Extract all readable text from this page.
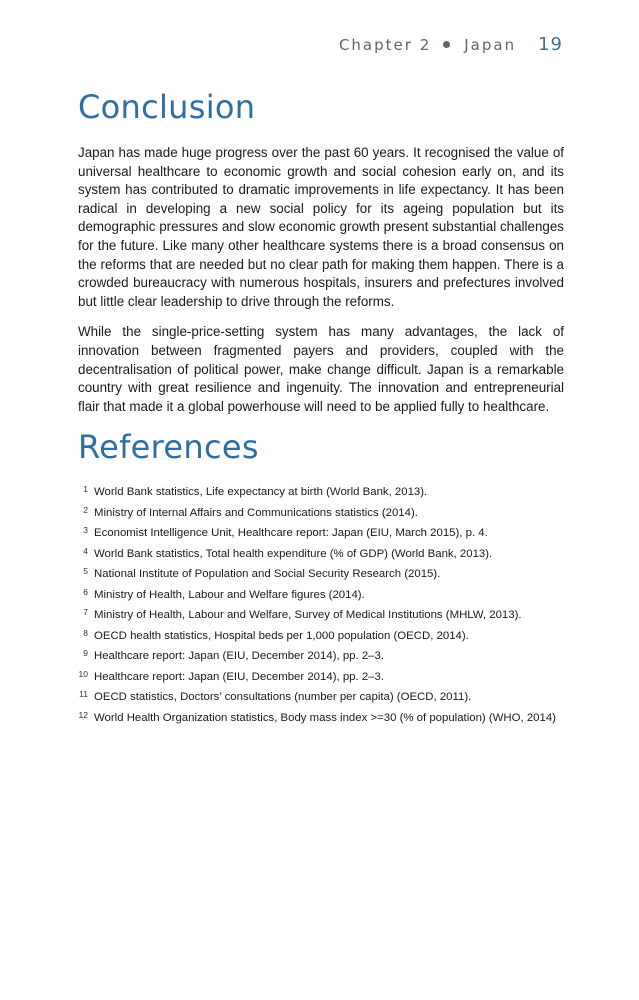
Chapter 2 Japan 19
Conclusion

Japan has made huge progress over the past 60 years. It recognised the value of universal healthcare to economic growth and social cohesion early on, and its system has contributed to dramatic improvements in life expectancy. It has been radical in developing a new social policy for its ageing population but its demographic pressures and slow economic growth present substantial challenges for the future. Like many other healthcare systems there is a broad consensus on the reforms that are needed but no clear path for making them happen. There is a crowded bureaucracy with numerous hospitals, insurers and prefectures involved but little clear leadership to drive through the reforms.

While the single-price-setting system has many advantages, the lack of innovation between fragmented payers and providers, coupled with the decentralisation of political power, make change difficult. Japan is a remarkable country with great resilience and ingenuity. The innovation and entrepreneurial flair that made it a global powerhouse will need to be applied fully to healthcare.

References
1 World Bank statistics, Life expectancy at birth (World Bank, 2013).
2 Ministry of Internal Affairs and Communications statistics (2014).
3 Economist Intelligence Unit, Healthcare report: Japan (EIU, March 2015), p. 4.
4 World Bank statistics, Total health expenditure (% of GDP) (World Bank, 2013).
5 National Institute of Population and Social Security Research (2015).
6 Ministry of Health, Labour and Welfare figures (2014).
7 Ministry of Health, Labour and Welfare, Survey of Medical Institutions (MHLW, 2013).
8 OECD health statistics, Hospital beds per 1,000 population (OECD, 2014).
9 Healthcare report: Japan (EIU, December 2014), pp. 2–3.
10 Healthcare report: Japan (EIU, December 2014), pp. 2–3.
11 OECD statistics, Doctors’ consultations (number per capita) (OECD, 2011).
12 World Health Organization statistics, Body mass index >=30 (% of population) (WHO, 2014)
